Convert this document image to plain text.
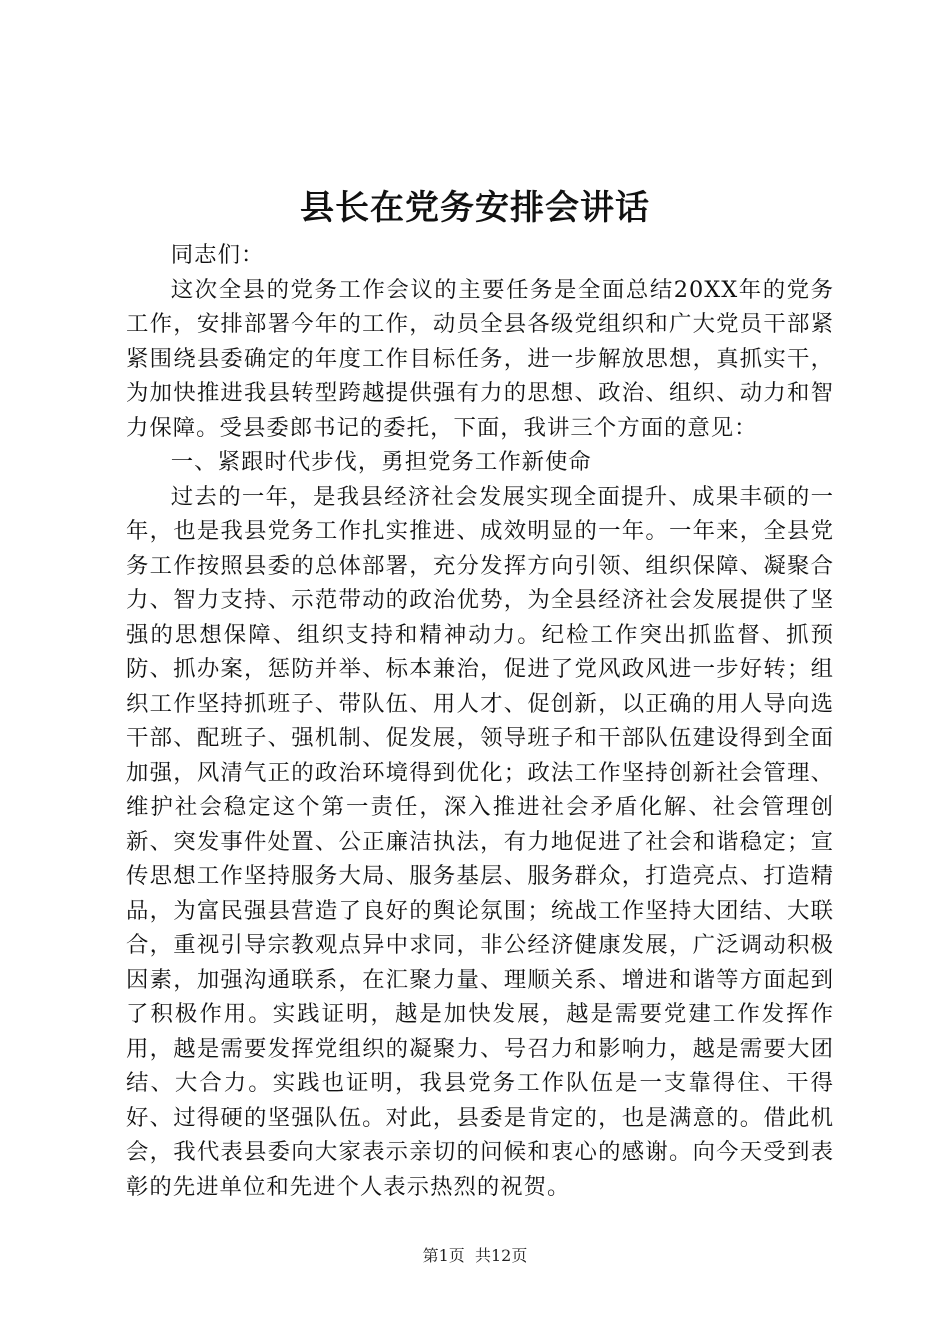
县长在党务安排会讲话

同志们：

这次全县的党务工作会议的主要任务是全面总结20XX年的党务工作，安排部署今年的工作，动员全县各级党组织和广大党员干部紧紧围绕县委确定的年度工作目标任务，进一步解放思想，真抓实干，为加快推进我县转型跨越提供强有力的思想、政治、组织、动力和智力保障。受县委郎书记的委托，下面，我讲三个方面的意见：

一、紧跟时代步伐，勇担党务工作新使命

过去的一年，是我县经济社会发展实现全面提升、成果丰硕的一年，也是我县党务工作扎实推进、成效明显的一年。一年来，全县党务工作按照县委的总体部署，充分发挥方向引领、组织保障、凝聚合力、智力支持、示范带动的政治优势，为全县经济社会发展提供了坚强的思想保障、组织支持和精神动力。纪检工作突出抓监督、抓预防、抓办案，惩防并举、标本兼治，促进了党风政风进一步好转；组织工作坚持抓班子、带队伍、用人才、促创新，以正确的用人导向选干部、配班子、强机制、促发展，领导班子和干部队伍建设得到全面加强，风清气正的政治环境得到优化；政法工作坚持创新社会管理、维护社会稳定这个第一责任，深入推进社会矛盾化解、社会管理创新、突发事件处置、公正廉洁执法，有力地促进了社会和谐稳定；宣传思想工作坚持服务大局、服务基层、服务群众，打造亮点、打造精品，为富民强县营造了良好的舆论氛围；统战工作坚持大团结、大联合，重视引导宗教观点异中求同，非公经济健康发展，广泛调动积极因素，加强沟通联系，在汇聚力量、理顺关系、增进和谐等方面起到了积极作用。实践证明，越是加快发展，越是需要党建工作发挥作用，越是需要发挥党组织的凝聚力、号召力和影响力，越是需要大团结、大合力。实践也证明，我县党务工作队伍是一支靠得住、干得好、过得硬的坚强队伍。对此，县委是肯定的，也是满意的。借此机会，我代表县委向大家表示亲切的问候和衷心的感谢。向今天受到表彰的先进单位和先进个人表示热烈的祝贺。

第1页 共12页
